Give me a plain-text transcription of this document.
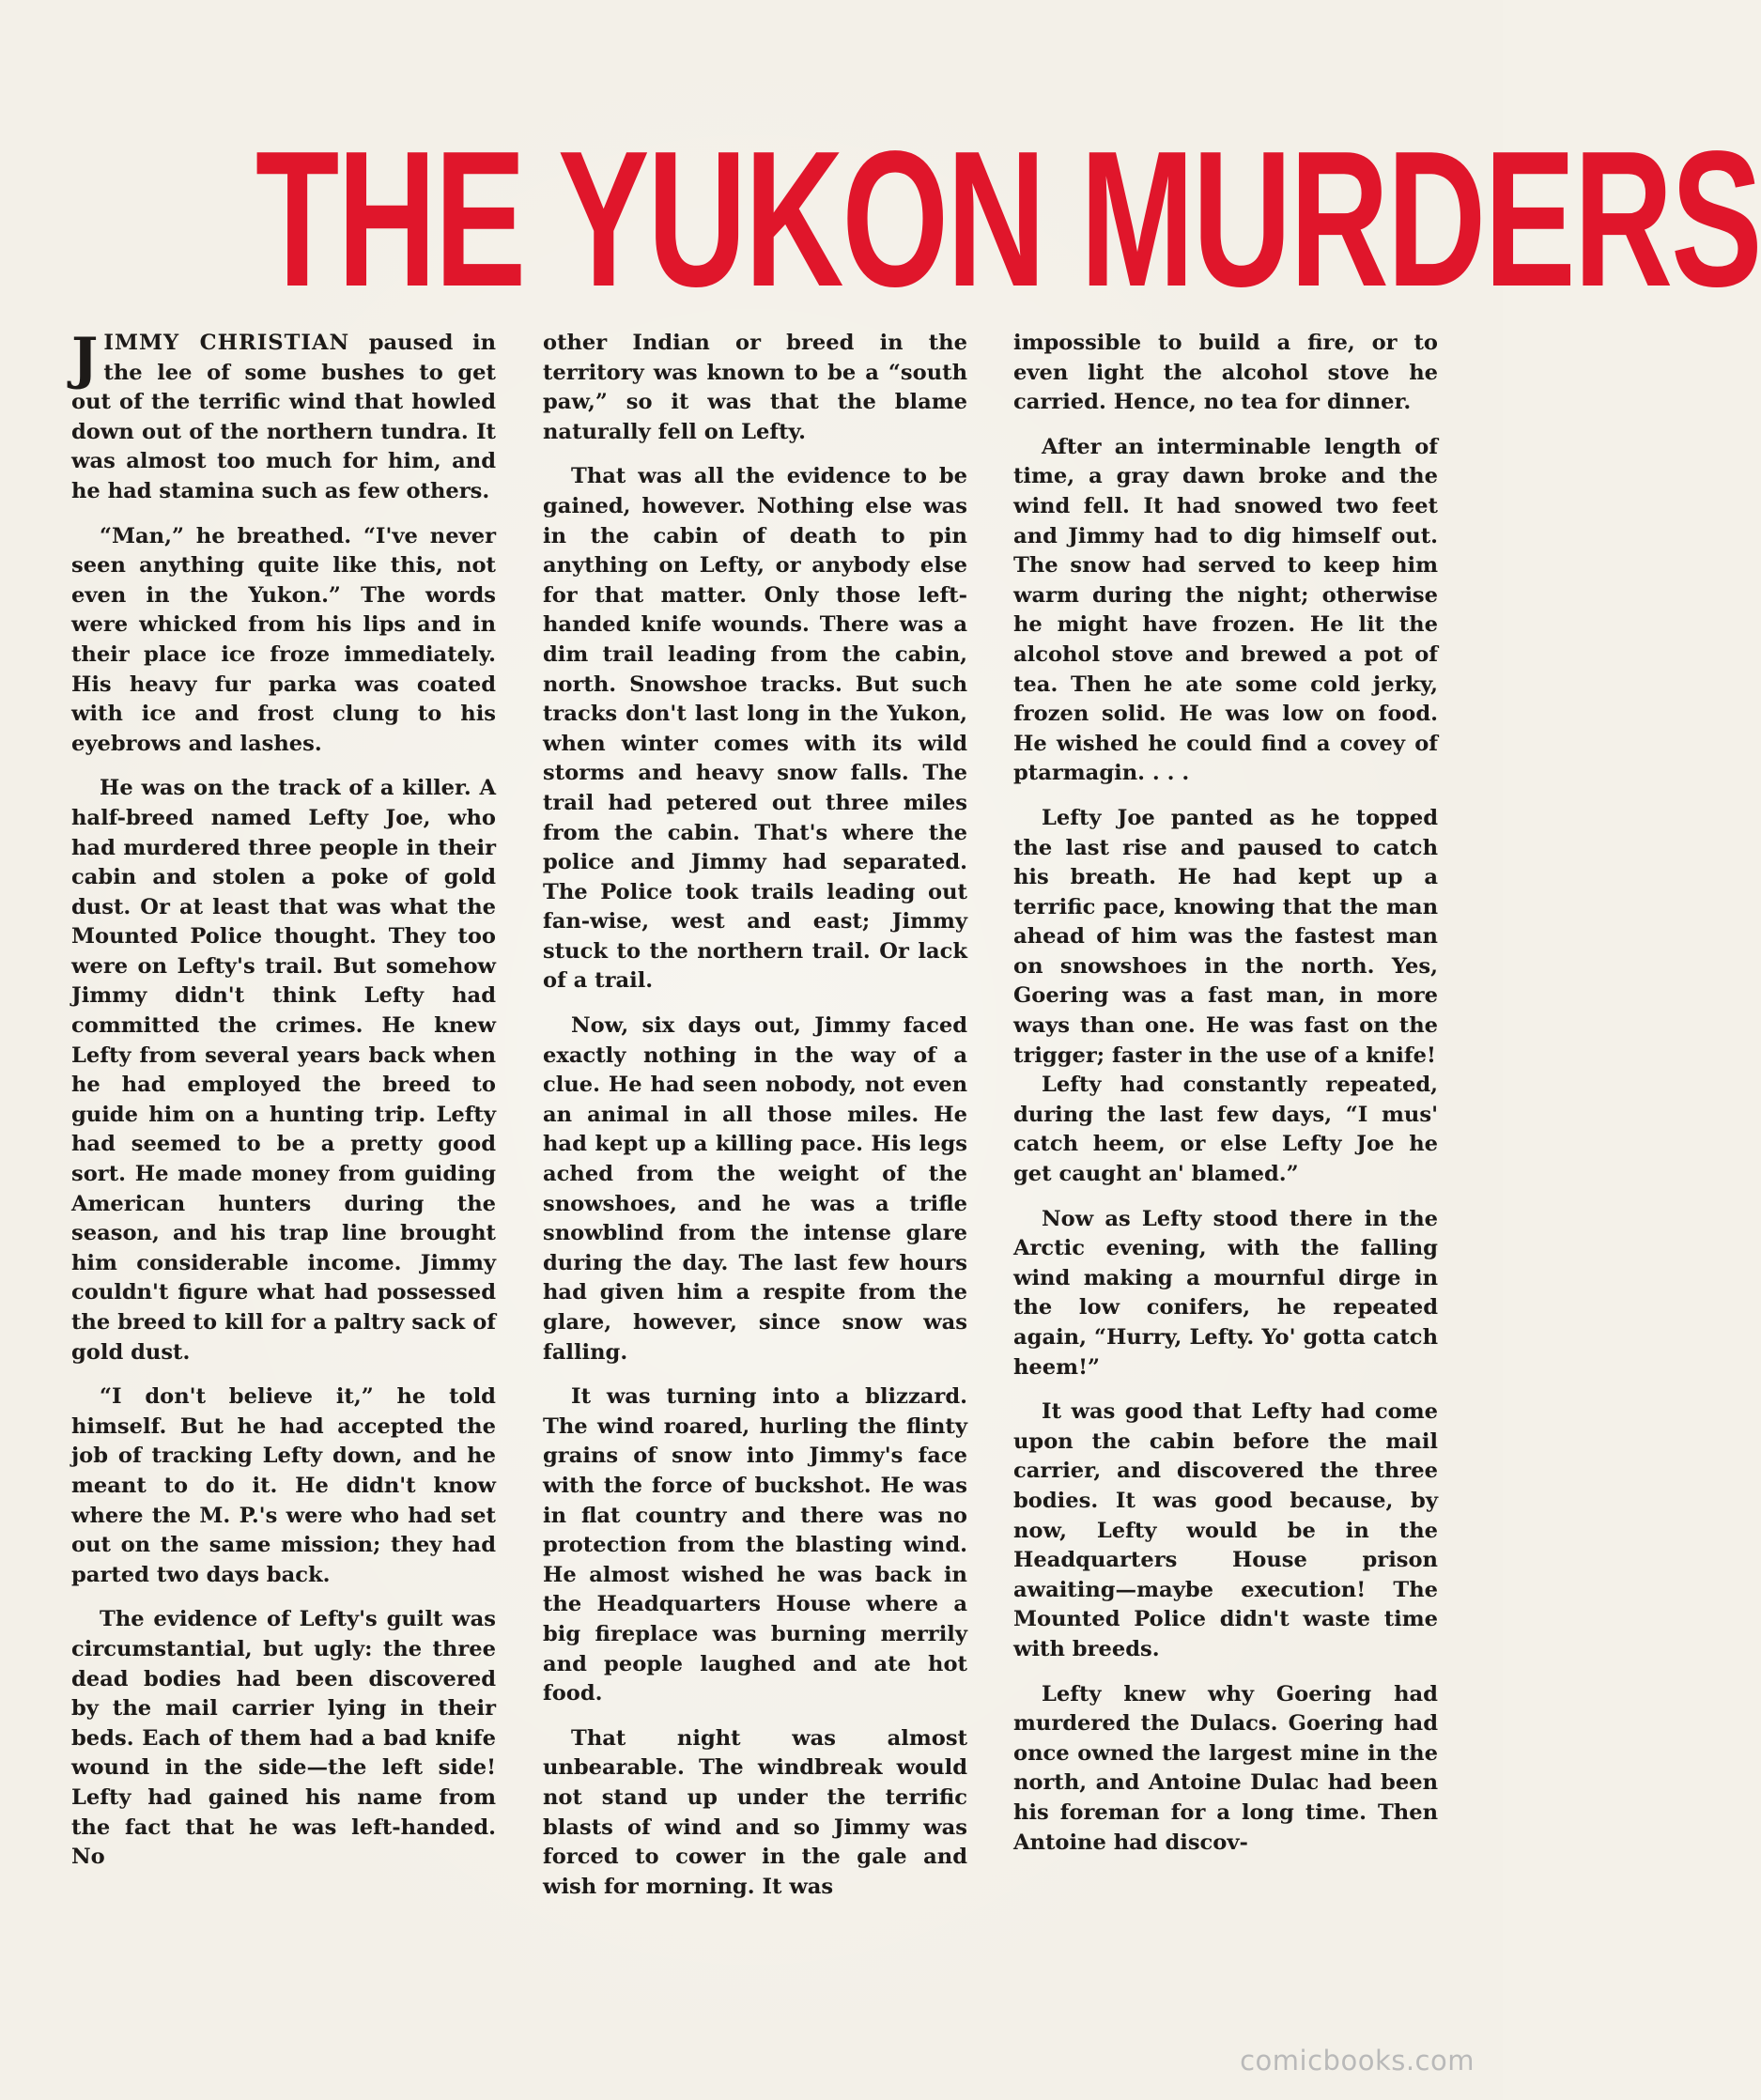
THE YUKON MURDERS

JIMMY CHRISTIAN paused in the lee of some bushes to get out of the terrific wind that howled down out of the northern tundra. It was almost too much for him, and he had stamina such as few others.

“Man,” he breathed. “I've never seen anything quite like this, not even in the Yukon.” The words were whicked from his lips and in their place ice froze immediately. His heavy fur parka was coated with ice and frost clung to his eyebrows and lashes.

He was on the track of a killer. A half-breed named Lefty Joe, who had murdered three people in their cabin and stolen a poke of gold dust. Or at least that was what the Mounted Police thought. They too were on Lefty's trail. But somehow Jimmy didn't think Lefty had committed the crimes. He knew Lefty from several years back when he had employed the breed to guide him on a hunting trip. Lefty had seemed to be a pretty good sort. He made money from guiding American hunters during the season, and his trap line brought him considerable income. Jimmy couldn't figure what had possessed the breed to kill for a paltry sack of gold dust.

“I don't believe it,” he told himself. But he had accepted the job of tracking Lefty down, and he meant to do it. He didn't know where the M. P.'s were who had set out on the same mission; they had parted two days back.

The evidence of Lefty's guilt was circumstantial, but ugly: the three dead bodies had been discovered by the mail carrier lying in their beds. Each of them had a bad knife wound in the side—the left side! Lefty had gained his name from the fact that he was left-handed. No

other Indian or breed in the territory was known to be a “south paw,” so it was that the blame naturally fell on Lefty.

That was all the evidence to be gained, however. Nothing else was in the cabin of death to pin anything on Lefty, or anybody else for that matter. Only those left-handed knife wounds. There was a dim trail leading from the cabin, north. Snowshoe tracks. But such tracks don't last long in the Yukon, when winter comes with its wild storms and heavy snow falls. The trail had petered out three miles from the cabin. That's where the police and Jimmy had separated. The Police took trails leading out fan-wise, west and east; Jimmy stuck to the northern trail. Or lack of a trail.

Now, six days out, Jimmy faced exactly nothing in the way of a clue. He had seen nobody, not even an animal in all those miles. He had kept up a killing pace. His legs ached from the weight of the snowshoes, and he was a trifle snowblind from the intense glare during the day. The last few hours had given him a respite from the glare, however, since snow was falling.

It was turning into a blizzard. The wind roared, hurling the flinty grains of snow into Jimmy's face with the force of buckshot. He was in flat country and there was no protection from the blasting wind. He almost wished he was back in the Headquarters House where a big fireplace was burning merrily and people laughed and ate hot food.

That night was almost unbearable. The windbreak would not stand up under the terrific blasts of wind and so Jimmy was forced to cower in the gale and wish for morning. It was

impossible to build a fire, or to even light the alcohol stove he carried. Hence, no tea for dinner.

After an interminable length of time, a gray dawn broke and the wind fell. It had snowed two feet and Jimmy had to dig himself out. The snow had served to keep him warm during the night; otherwise he might have frozen. He lit the alcohol stove and brewed a pot of tea. Then he ate some cold jerky, frozen solid. He was low on food. He wished he could find a covey of ptarmagin. . . .

Lefty Joe panted as he topped the last rise and paused to catch his breath. He had kept up a terrific pace, knowing that the man ahead of him was the fastest man on snowshoes in the north. Yes, Goering was a fast man, in more ways than one. He was fast on the trigger; faster in the use of a knife!

Lefty had constantly repeated, during the last few days, “I mus' catch heem, or else Lefty Joe he get caught an' blamed.”

Now as Lefty stood there in the Arctic evening, with the falling wind making a mournful dirge in the low conifers, he repeated again, “Hurry, Lefty. Yo' gotta catch heem!”

It was good that Lefty had come upon the cabin before the mail carrier, and discovered the three bodies. It was good because, by now, Lefty would be in the Headquarters House prison awaiting—maybe execution! The Mounted Police didn't waste time with breeds.

Lefty knew why Goering had murdered the Dulacs. Goering had once owned the largest mine in the north, and Antoine Dulac had been his foreman for a long time. Then Antoine had discov-

comicbooks.com
